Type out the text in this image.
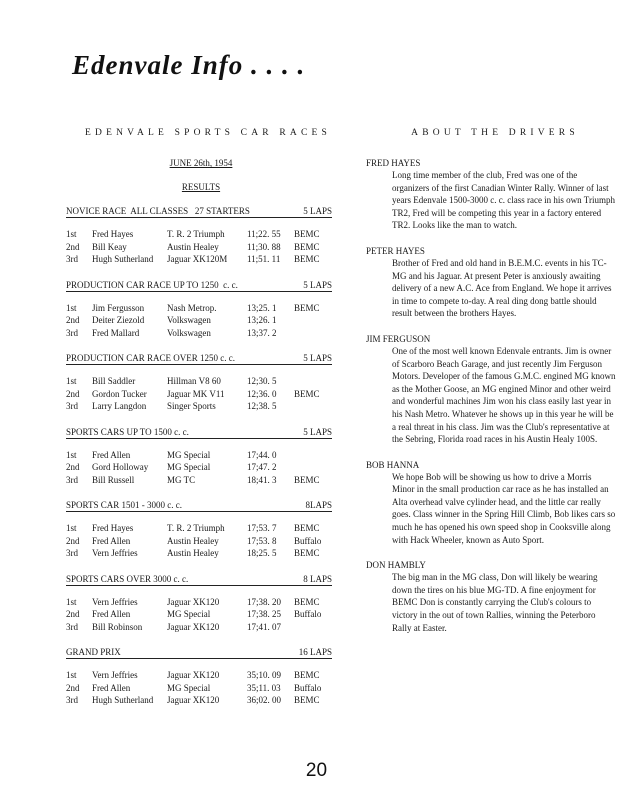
Edenvale Info . . . .
EDENVALE SPORTS CAR RACES
JUNE 26th, 1954
RESULTS
NOVICE RACE  ALL CLASSES   27 STARTERS	5 LAPS
1st	Fred Hayes	T. R. 2 Triumph	11;22. 55	BEMC
2nd	Bill Keay	Austin Healey	11;30. 88	BEMC
3rd	Hugh Sutherland	Jaguar XK120M	11;51. 11	BEMC
PRODUCTION CAR RACE UP TO 1250  c. c.	5 LAPS
1st	Jim Fergusson	Nash Metrop.	13;25. 1	BEMC
2nd	Deiter Ziezold	Volkswagen	13;26. 1
3rd	Fred Mallard	Volkswagen	13;37. 2
PRODUCTION CAR RACE OVER 1250 c. c.	5 LAPS
1st	Bill Saddler	Hillman V8 60	12;30. 5
2nd	Gordon Tucker	Jaguar MK V11	12;36. 0	BEMC
3rd	Larry Langdon	Singer Sports	12;38. 5
SPORTS CARS UP TO 1500 c. c.	5 LAPS
1st	Fred Allen	MG Special	17;44. 0
2nd	Gord Holloway	MG Special	17;47. 2
3rd	Bill Russell	MG TC	18;41. 3	BEMC
SPORTS CAR 1501 - 3000 c. c.	8LAPS
1st	Fred Hayes	T. R. 2 Triumph	17;53. 7	BEMC
2nd	Fred Allen	Austin Healey	17;53. 8	Buffalo
3rd	Vern Jeffries	Austin Healey	18;25. 5	BEMC
SPORTS CARS OVER 3000 c. c.	8 LAPS
1st	Vern Jeffries	Jaguar XK120	17;38. 20	BEMC
2nd	Fred Allen	MG Special	17;38. 25	Buffalo
3rd	Bill Robinson	Jaguar XK120	17;41. 07
GRAND PRIX	16 LAPS
1st	Vern Jeffries	Jaguar XK120	35;10. 09	BEMC
2nd	Fred Allen	MG Special	35;11. 03	Buffalo
3rd	Hugh Sutherland	Jaguar XK120	36;02. 00	BEMC
ABOUT THE DRIVERS
FRED HAYES
Long time member of the club, Fred was one of the organizers of the first Canadian Winter Rally. Winner of last years Edenvale 1500-3000 c. c. class race in his own Triumph TR2, Fred will be competing this year in a factory entered TR2. Looks like the man to watch.
PETER HAYES
Brother of Fred and old hand in B.E.M.C. events in his TC-MG and his Jaguar. At present Peter is anxiously awaiting delivery of a new A.C. Ace from England. We hope it arrives in time to compete to-day. A real ding dong battle should result between the brothers Hayes.
JIM FERGUSON
One of the most well known Edenvale entrants. Jim is owner of Scarboro Beach Garage, and just recently Jim Ferguson Motors. Developer of the famous G.M.C. engined MG known as the Mother Goose, an MG engined Minor and other weird and wonderful machines Jim won his class easily last year in his Nash Metro. Whatever he shows up in this year he will be a real threat in his class. Jim was the Club's representative at the Sebring, Florida road races in his Austin Healy 100S.
BOB HANNA
We hope Bob will be showing us how to drive a Morris Minor in the small production car race as he has installed an Alta overhead valve cylinder head, and the little car really goes. Class winner in the Spring Hill Climb, Bob likes cars so much he has opened his own speed shop in Cooksville along with Hack Wheeler, known as Auto Sport.
DON HAMBLY
The big man in the MG class, Don will likely be wearing down the tires on his blue MG-TD. A fine enjoyment for BEMC Don is constantly carrying the Club's colours to victory in the out of town Rallies, winning the Peterboro Rally at Easter.
20
